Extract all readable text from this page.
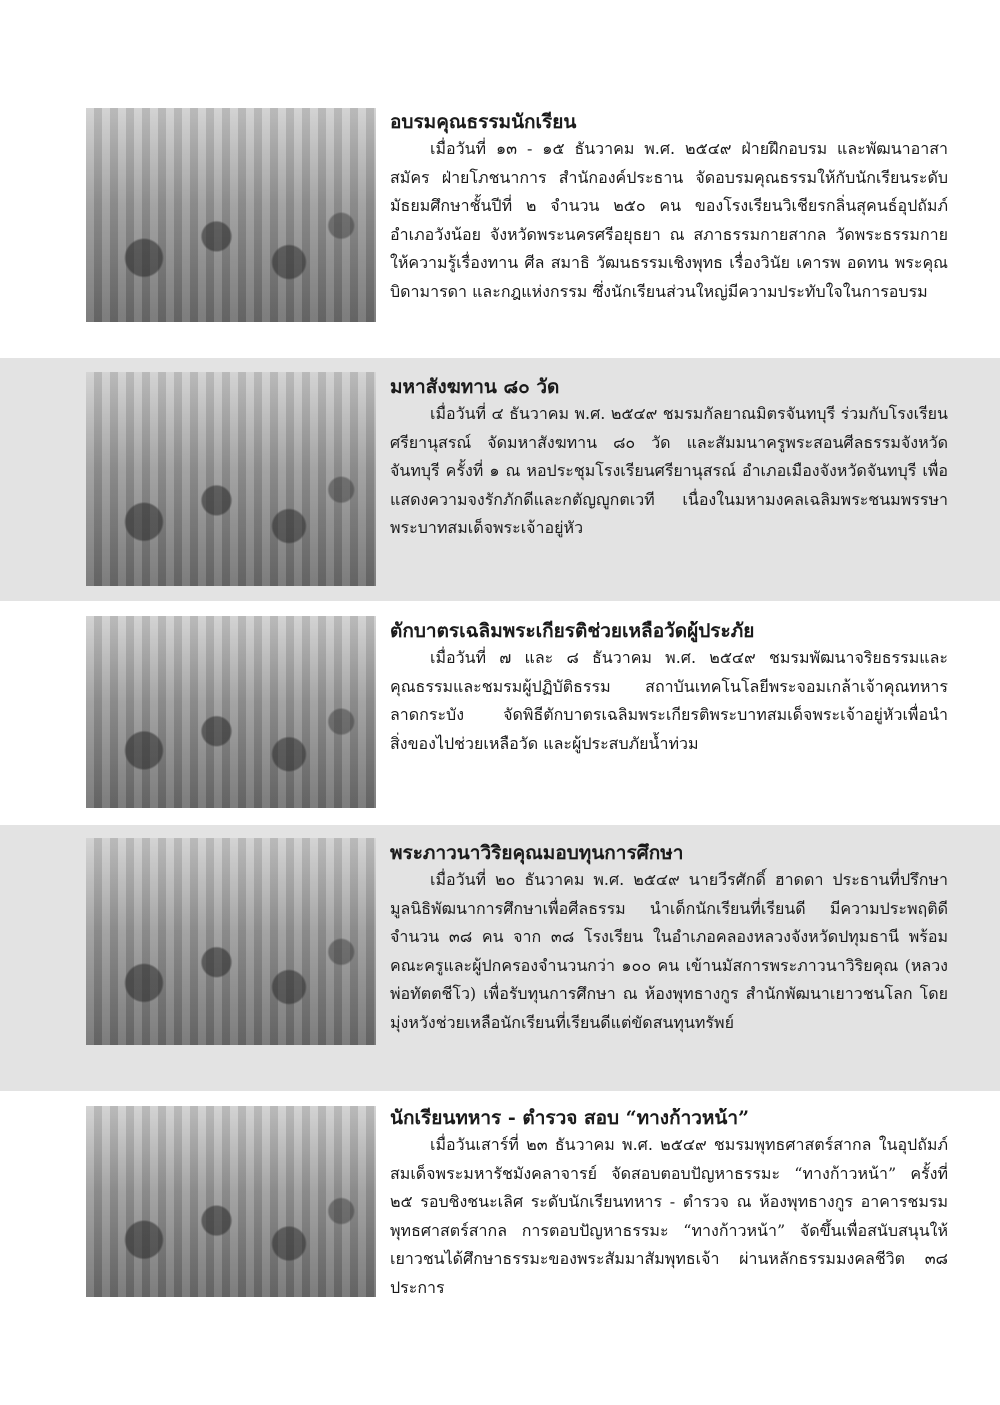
อบรมคุณธรรมนักเรียน

เมื่อวันที่ ๑๓ - ๑๕ ธันวาคม พ.ศ. ๒๕๔๙ ฝ่ายฝึกอบรม และพัฒนาอาสาสมัคร ฝ่ายโภชนาการ สำนักองค์ประธาน จัดอบรมคุณธรรมให้กับนักเรียนระดับมัธยมศึกษาชั้นปีที่ ๒ จำนวน ๒๕๐ คน ของโรงเรียนวิเชียรกลิ่นสุคนธ์อุปถัมภ์ อำเภอวังน้อย จังหวัดพระนครศรีอยุธยา ณ สภาธรรมกายสากล วัดพระธรรมกาย ให้ความรู้เรื่องทาน ศีล สมาธิ วัฒนธรรมเชิงพุทธ เรื่องวินัย เคารพ อดทน พระคุณบิดามารดา และกฎแห่งกรรม ซึ่งนักเรียนส่วนใหญ่มีความประทับใจในการอบรม

มหาสังฆทาน ๘๐ วัด

เมื่อวันที่ ๔ ธันวาคม พ.ศ. ๒๕๔๙ ชมรมกัลยาณมิตรจันทบุรี ร่วมกับโรงเรียนศรียานุสรณ์ จัดมหาสังฆทาน ๘๐ วัด และสัมมนาครูพระสอนศีลธรรมจังหวัดจันทบุรี ครั้งที่ ๑ ณ หอประชุมโรงเรียนศรียานุสรณ์ อำเภอเมืองจังหวัดจันทบุรี เพื่อแสดงความจงรักภักดีและกตัญญูกตเวที เนื่องในมหามงคลเฉลิมพระชนมพรรษา พระบาทสมเด็จพระเจ้าอยู่หัว

ตักบาตรเฉลิมพระเกียรติช่วยเหลือวัดผู้ประภัย

เมื่อวันที่ ๗ และ ๘ ธันวาคม พ.ศ. ๒๕๔๙ ชมรมพัฒนาจริยธรรมและคุณธรรมและชมรมผู้ปฏิบัติธรรม สถาบันเทคโนโลยีพระจอมเกล้าเจ้าคุณทหารลาดกระบัง จัดพิธีตักบาตรเฉลิมพระเกียรติพระบาทสมเด็จพระเจ้าอยู่หัวเพื่อนำสิ่งของไปช่วยเหลือวัด และผู้ประสบภัยน้ำท่วม

พระภาวนาวิริยคุณมอบทุนการศึกษา

เมื่อวันที่ ๒๐ ธันวาคม พ.ศ. ๒๕๔๙ นายวีรศักดิ์ ฮาดดา ประธานที่ปรึกษามูลนิธิพัฒนาการศึกษาเพื่อศีลธรรม นำเด็กนักเรียนที่เรียนดี มีความประพฤติดี จำนวน ๓๘ คน จาก ๓๘ โรงเรียน ในอำเภอคลองหลวงจังหวัดปทุมธานี พร้อมคณะครูและผู้ปกครองจำนวนกว่า ๑๐๐ คน เข้านมัสการพระภาวนาวิริยคุณ (หลวงพ่อทัตตชีโว) เพื่อรับทุนการศึกษา ณ ห้องพุทธางกูร สำนักพัฒนาเยาวชนโลก โดยมุ่งหวังช่วยเหลือนักเรียนที่เรียนดีแต่ขัดสนทุนทรัพย์

นักเรียนทหาร - ตำรวจ สอบ “ทางก้าวหน้า”

เมื่อวันเสาร์ที่ ๒๓ ธันวาคม พ.ศ. ๒๕๔๙ ชมรมพุทธศาสตร์สากล ในอุปถัมภ์สมเด็จพระมหารัชมังคลาจารย์ จัดสอบตอบปัญหาธรรมะ “ทางก้าวหน้า” ครั้งที่ ๒๕ รอบชิงชนะเลิศ ระดับนักเรียนทหาร - ตำรวจ ณ ห้องพุทธางกูร อาคารชมรมพุทธศาสตร์สากล การตอบปัญหาธรรมะ “ทางก้าวหน้า” จัดขึ้นเพื่อสนับสนุนให้เยาวชนได้ศึกษาธรรมะของพระสัมมาสัมพุทธเจ้า ผ่านหลักธรรมมงคลชีวิต ๓๘ ประการ
